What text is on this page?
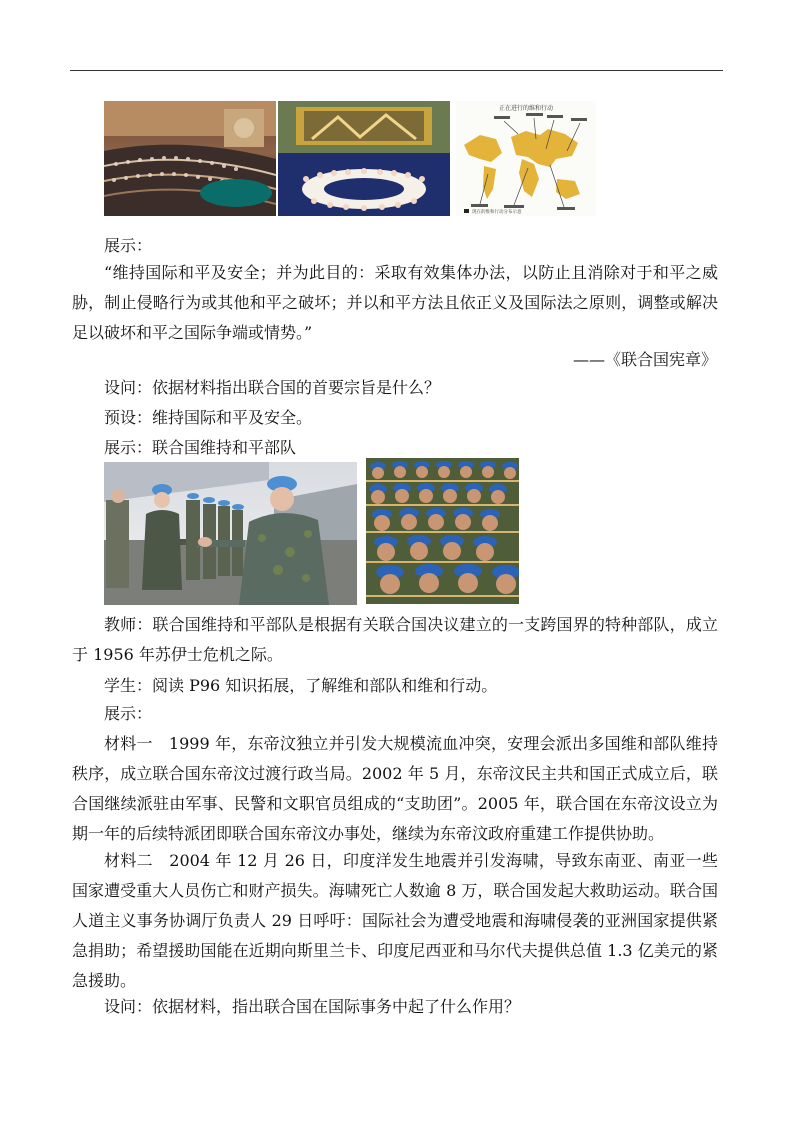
正在进行的维和行动
现在的维和行动分布示意
展示：
“维持国际和平及安全；并为此目的：采取有效集体办法，以防止且消除对于和平之威胁，制止侵略行为或其他和平之破坏；并以和平方法且依正义及国际法之原则，调整或解决足以破坏和平之国际争端或情势。”
——《联合国宪章》
设问：依据材料指出联合国的首要宗旨是什么？
预设：维持国际和平及安全。
展示：联合国维持和平部队
教师：联合国维持和平部队是根据有关联合国决议建立的一支跨国界的特种部队，成立于 1956 年苏伊士危机之际。
学生：阅读 P96 知识拓展，了解维和部队和维和行动。
展示：
材料一　1999 年，东帝汶独立并引发大规模流血冲突，安理会派出多国维和部队维持秩序，成立联合国东帝汶过渡行政当局。2002 年 5 月，东帝汶民主共和国正式成立后，联合国继续派驻由军事、民警和文职官员组成的“支助团”。2005 年，联合国在东帝汶设立为期一年的后续特派团即联合国东帝汶办事处，继续为东帝汶政府重建工作提供协助。
材料二　2004 年 12 月 26 日，印度洋发生地震并引发海啸，导致东南亚、南亚一些国家遭受重大人员伤亡和财产损失。海啸死亡人数逾 8 万，联合国发起大救助运动。联合国人道主义事务协调厅负责人 29 日呼吁：国际社会为遭受地震和海啸侵袭的亚洲国家提供紧急捐助；希望援助国能在近期向斯里兰卡、印度尼西亚和马尔代夫提供总值 1.3 亿美元的紧急援助。
设问：依据材料，指出联合国在国际事务中起了什么作用？
